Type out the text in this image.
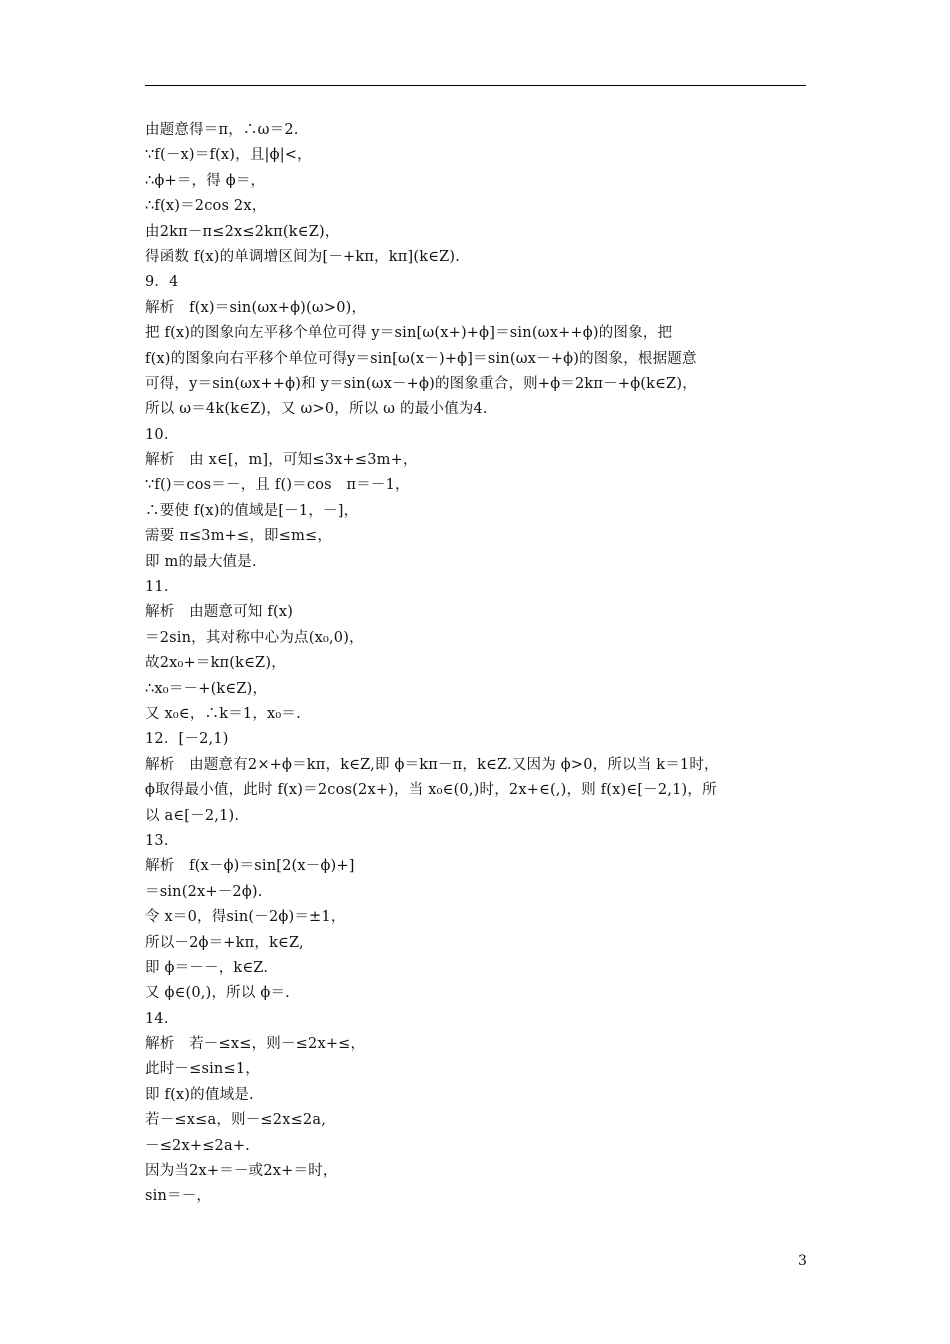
由题意得＝π，∴ω＝2.
∵f(－x)＝f(x)，且|ϕ|<，
∴ϕ+＝，得 ϕ＝，
∴f(x)＝2cos 2x，
由2kπ－π≤2x≤2kπ(k∈Z)，
得函数 f(x)的单调增区间为[－+kπ，kπ](k∈Z).
9．4
解析　f(x)＝sin(ωx+ϕ)(ω>0)，
把 f(x)的图象向左平移个单位可得 y＝sin[ω(x+)+ϕ]＝sin(ωx++ϕ)的图象，把
f(x)的图象向右平移个单位可得y＝sin[ω(x－)+ϕ]＝sin(ωx－+ϕ)的图象，根据题意
可得，y＝sin(ωx++ϕ)和 y＝sin(ωx－+ϕ)的图象重合，则+ϕ＝2kπ－+ϕ(k∈Z)，
所以 ω＝4k(k∈Z)，又 ω>0，所以 ω 的最小值为4.
10.
解析　由 x∈[，m]，可知≤3x+≤3m+，
∵f()＝cos＝－，且 f()＝cos　π＝－1，
∴要使 f(x)的值域是[－1，－]，
需要 π≤3m+≤，即≤m≤，
即 m的最大值是.
11.
解析　由题意可知 f(x)
＝2sin，其对称中心为点(x₀,0)，
故2x₀+＝kπ(k∈Z)，
∴x₀＝－+(k∈Z)，
又 x₀∈，∴k＝1，x₀＝.
12．[－2,1)
解析　由题意有2×+ϕ＝kπ，k∈Z,即 ϕ＝kπ－π，k∈Z.又因为 ϕ>0，所以当 k＝1时，
ϕ取得最小值，此时 f(x)＝2cos(2x+)，当 x₀∈(0,)时，2x+∈(,)，则 f(x)∈[－2,1)，所
以 a∈[－2,1).
13.
解析　f(x－ϕ)＝sin[2(x－ϕ)+]
＝sin(2x+－2ϕ).
令 x＝0，得sin(－2ϕ)＝±1，
所以－2ϕ＝+kπ，k∈Z,
即 ϕ＝－－，k∈Z.
又 ϕ∈(0,)，所以 ϕ＝.
14.
解析　若－≤x≤，则－≤2x+≤，
此时－≤sin≤1，
即 f(x)的值域是.
若－≤x≤a，则－≤2x≤2a,
－≤2x+≤2a+.
因为当2x+＝－或2x+＝时，
sin＝－，
3
